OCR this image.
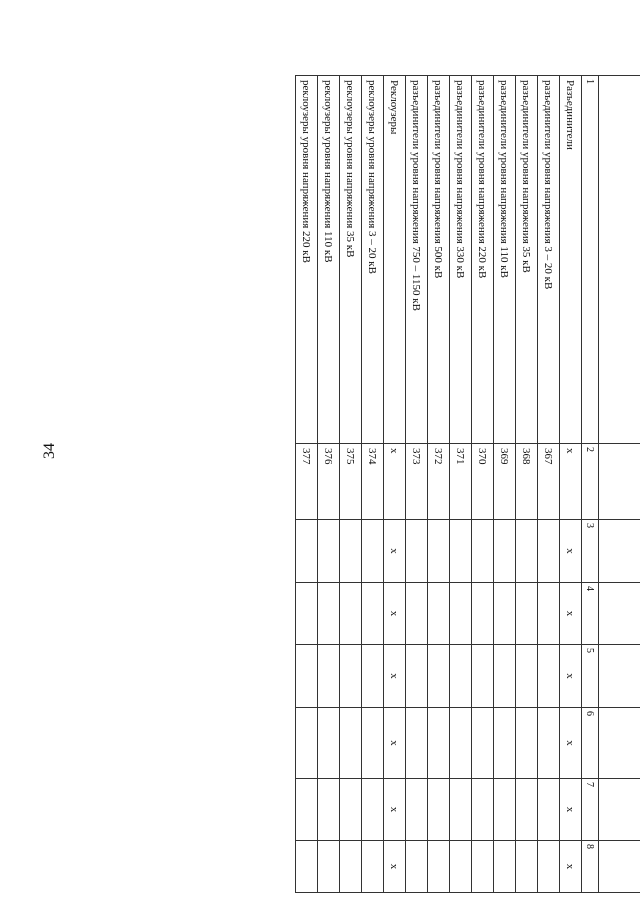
34

1	2	3	4	5	6	7	8
Разъединители	х	х	х	х	х	х	х
разъединители уровня напряжения 3 – 20 кВ	367						
разъединители уровня напряжения 35 кВ	368						
разъединители уровня напряжения 110 кВ	369						
разъединители уровня напряжения 220 кВ	370						
разъединители уровня напряжения 330 кВ	371						
разъединители уровня напряжения 500 кВ	372						
разъединители уровня напряжения 750 – 1150 кВ	373						
Реклоузеры	х	х	х	х	х	х	х
реклоузеры уровня напряжения 3 – 20 кВ	374						
реклоузеры уровня напряжения 35 кВ	375						
реклоузеры уровня напряжения 110 кВ	376						
реклоузеры уровня напряжения 220 кВ	377						
